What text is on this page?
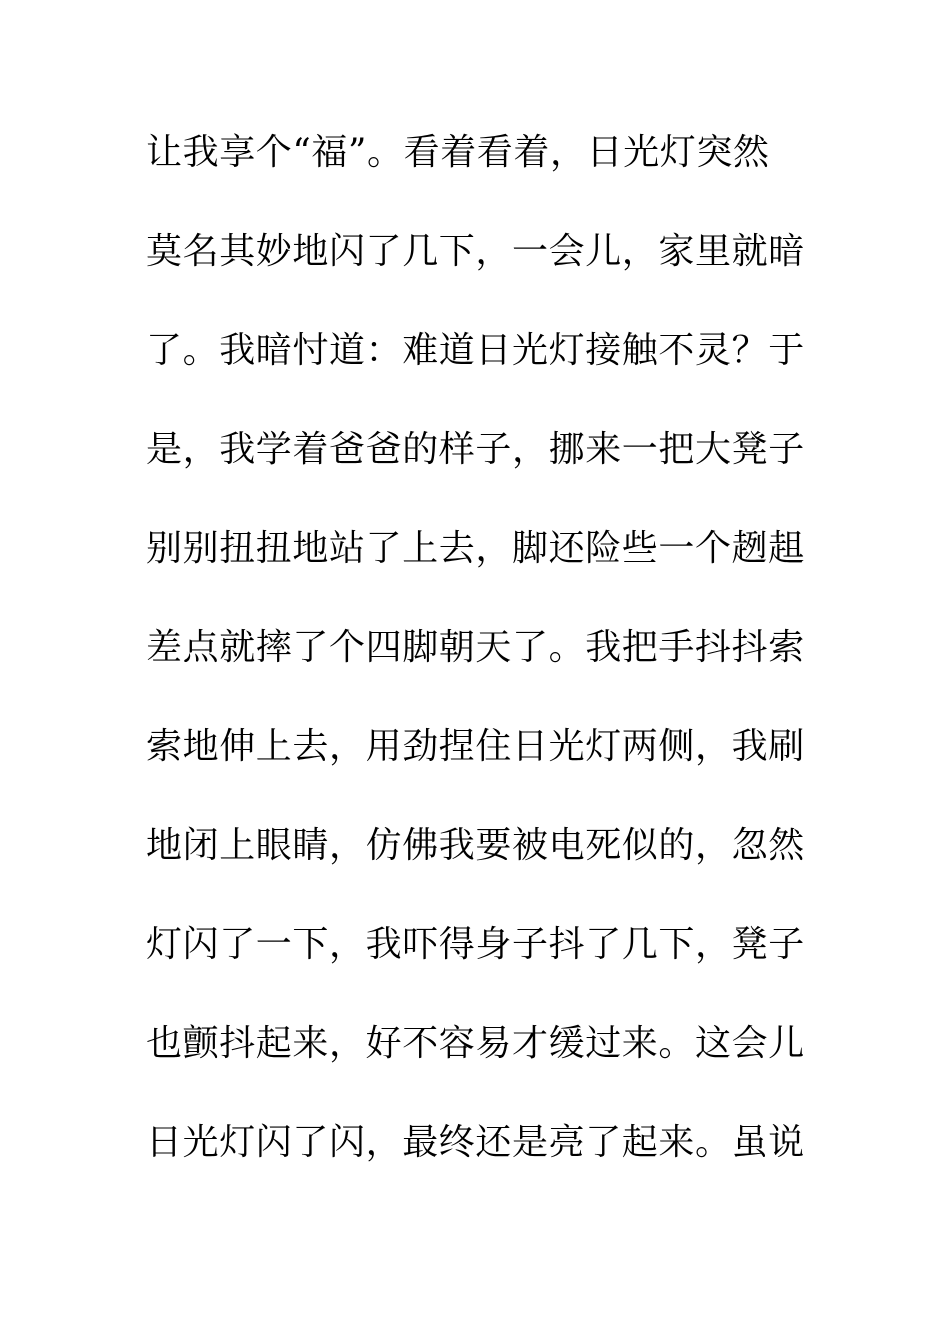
让我享个“福”。看着看着，日光灯突然
莫名其妙地闪了几下，一会儿，家里就暗
了。我暗忖道：难道日光灯接触不灵？于
是，我学着爸爸的样子，挪来一把大凳子
别别扭扭地站了上去，脚还险些一个趔趄
差点就摔了个四脚朝天了。我把手抖抖索
索地伸上去，用劲捏住日光灯两侧，我刷
地闭上眼睛，仿佛我要被电死似的，忽然
灯闪了一下，我吓得身子抖了几下，凳子
也颤抖起来，好不容易才缓过来。这会儿
日光灯闪了闪，最终还是亮了起来。虽说
